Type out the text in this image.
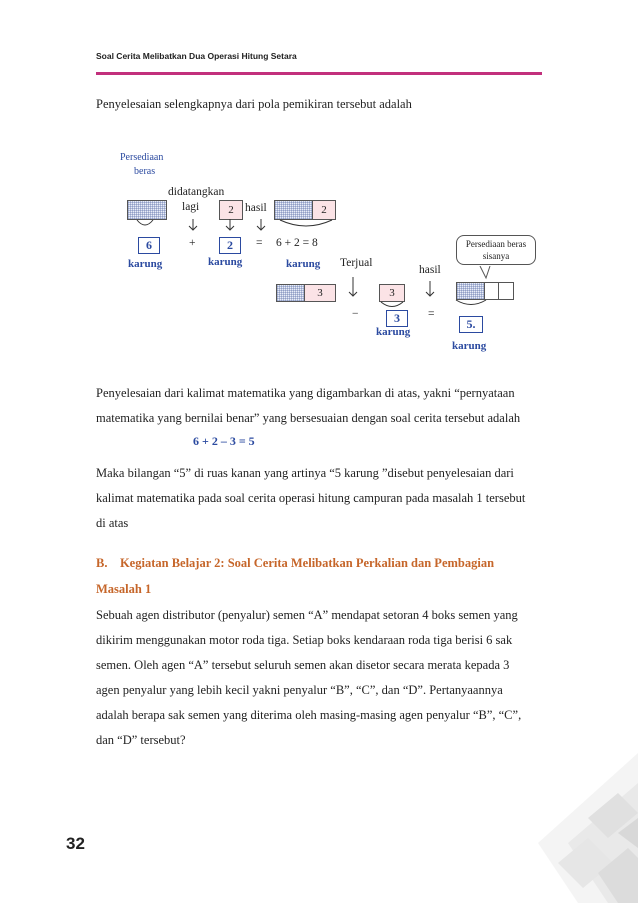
Soal Cerita Melibatkan Dua Operasi Hitung Setara
Penyelesaian selengkapnya dari pola pemikiran tersebut adalah
Persediaan
beras
didatangkan
lagi	2 hasil	2
6	+	2	= 6 + 2 = 8
karung	karung	karung Terjual
hasil
Persediaan beras sisanya
3	3
−	3	=
5.
karung
karung
Penyelesaian dari kalimat matematika yang digambarkan di atas, yakni “pernyataan
matematika yang bernilai benar” yang bersesuaian dengan soal cerita tersebut adalah
6 + 2 – 3 = 5
Maka bilangan “5” di ruas kanan yang artinya “5 karung ”disebut penyelesaian dari
kalimat matematika pada soal cerita operasi hitung campuran pada masalah 1 tersebut
di atas
B.    Kegiatan Belajar 2: Soal Cerita Melibatkan Perkalian dan Pembagian
Masalah 1
Sebuah agen distributor (penyalur) semen “A” mendapat setoran 4 boks semen yang
dikirim menggunakan motor roda tiga. Setiap boks kendaraan roda tiga berisi 6 sak
semen. Oleh agen “A” tersebut seluruh semen akan disetor secara merata kepada 3
agen penyalur yang lebih kecil yakni penyalur “B”, “C”, dan “D”. Pertanyaannya
adalah berapa sak semen yang diterima oleh masing-masing agen penyalur “B”, “C”,
dan “D” tersebut?
32
